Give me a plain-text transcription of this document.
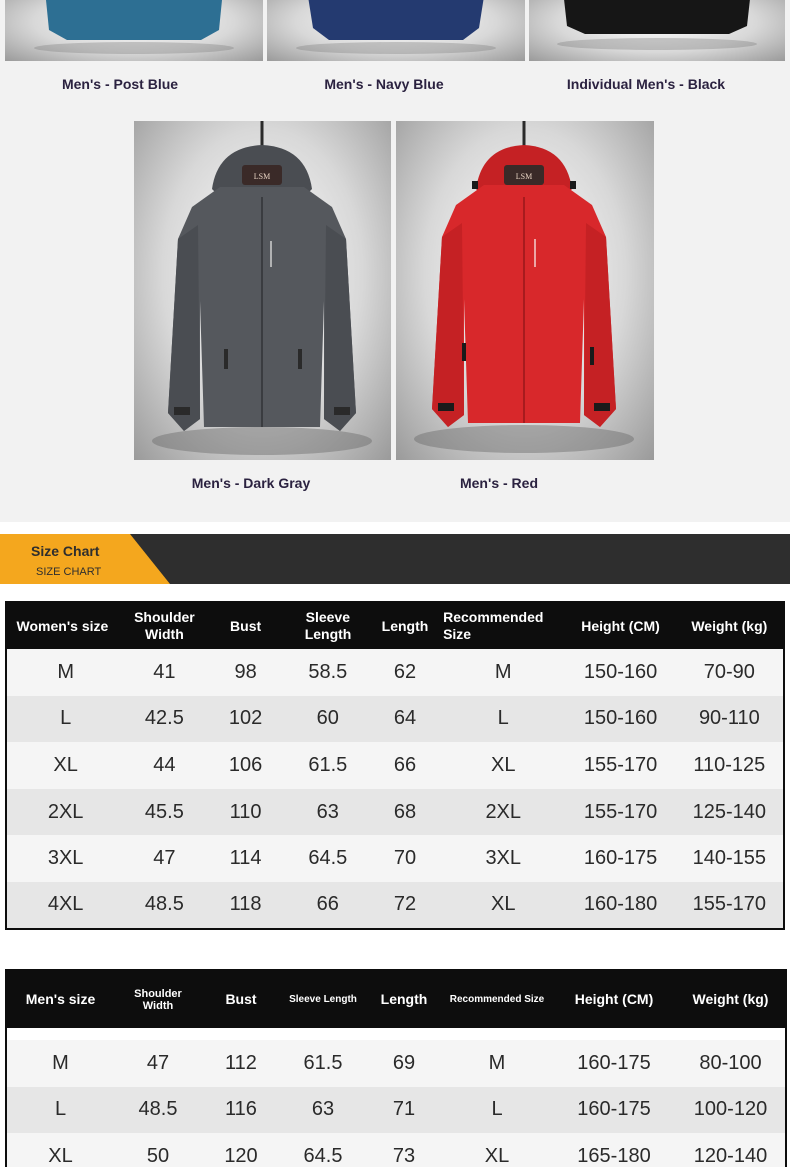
Men's - Post Blue	Men's - Navy Blue	Individual Men's - Black
LSM	LSM
Men's - Dark Gray	Men's - Red
Size Chart
SIZE CHART
Women's size	Shoulder Width	Bust	Sleeve Length	Length	Recommended Size	Height (CM)	Weight (kg)
M	41	98	58.5	62	M	150-160	70-90
L	42.5	102	60	64	L	150-160	90-110
XL	44	106	61.5	66	XL	155-170	110-125
2XL	45.5	110	63	68	2XL	155-170	125-140
3XL	47	114	64.5	70	3XL	160-175	140-155
4XL	48.5	118	66	72	XL	160-180	155-170
Men's size	Shoulder Width	Bust	Sleeve Length	Length	Recommended Size	Height (CM)	Weight (kg)

M	47	112	61.5	69	M	160-175	80-100
L	48.5	116	63	71	L	160-175	100-120
XL	50	120	64.5	73	XL	165-180	120-140
